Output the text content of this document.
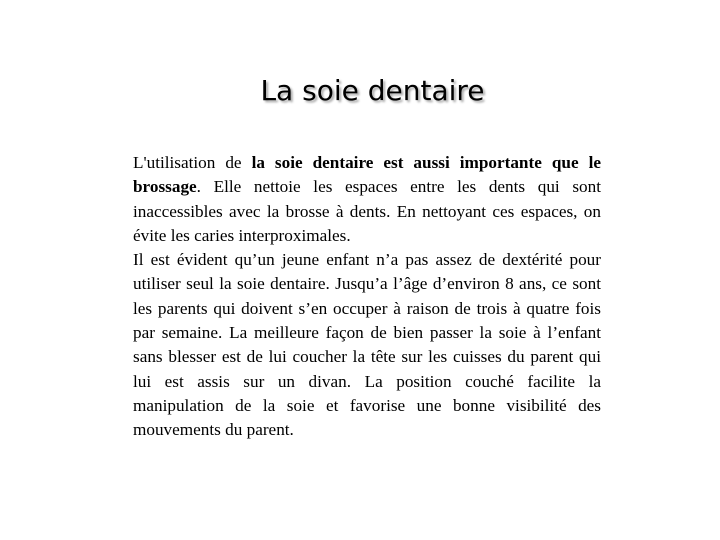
La soie dentaire

L'utilisation de la soie dentaire est aussi importante que le brossage. Elle nettoie les espaces entre les dents qui sont inaccessibles avec la brosse à dents. En nettoyant ces espaces, on évite les caries interproximales.

Il est évident qu’un jeune enfant n’a pas assez de dextérité pour utiliser seul la soie dentaire. Jusqu’a l’âge d’environ 8 ans, ce sont les parents qui doivent s’en occuper à raison de trois à quatre fois par semaine. La meilleure façon de bien passer la soie à l’enfant sans blesser est de lui coucher la tête sur les cuisses du parent qui lui est assis sur un divan. La position couché facilite la manipulation de la soie et favorise une bonne visibilité des mouvements du parent.
